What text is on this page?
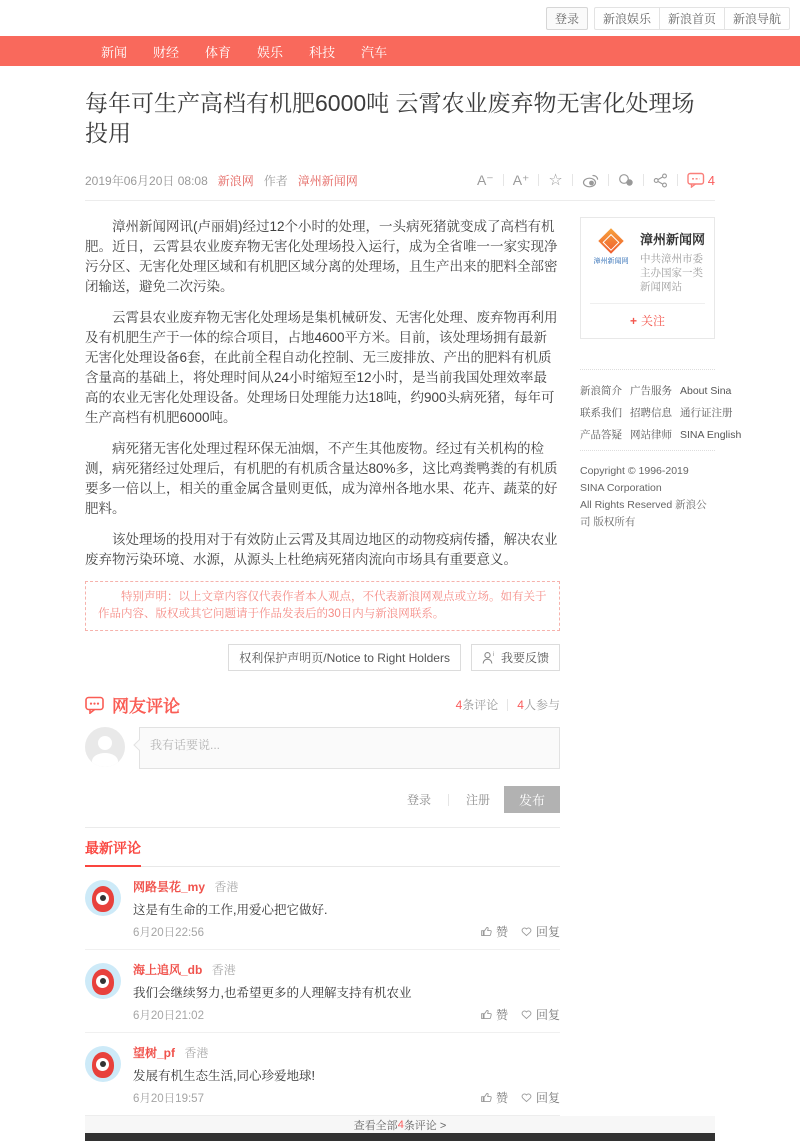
登录	新浪娱乐	新浪首页	新浪导航
新闻	财经	体育	娱乐	科技	汽车
每年可生产高档有机肥6000吨 云霄农业废弃物无害化处理场投用
2019年06月20日 08:08 新浪网 作者 漳州新闻网	A⁻ A⁺ ☆	4

漳州新闻网讯(卢丽娟)经过12个小时的处理，一头病死猪就变成了高档有机肥。近日，云霄县农业废弃物无害化处理场投入运行，成为全省唯一一家实现净污分区、无害化处理区域和有机肥区域分离的处理场，且生产出来的肥料全部密闭输送，避免二次污染。

云霄县农业废弃物无害化处理场是集机械研发、无害化处理、废弃物再利用及有机肥生产于一体的综合项目，占地4600平方米。目前，该处理场拥有最新无害化处理设备6套，在此前全程自动化控制、无三废排放、产出的肥料有机质含量高的基础上，将处理时间从24小时缩短至12小时，是当前我国处理效率最高的农业无害化处理设备。处理场日处理能力达18吨，约900头病死猪，每年可生产高档有机肥6000吨。

病死猪无害化处理过程环保无油烟，不产生其他废物。经过有关机构的检测，病死猪经过处理后，有机肥的有机质含量达80%多，这比鸡粪鸭粪的有机质要多一倍以上，相关的重金属含量则更低，成为漳州各地水果、花卉、蔬菜的好肥料。

该处理场的投用对于有效防止云霄及其周边地区的动物疫病传播，解决农业废弃物污染环境、水源，从源头上杜绝病死猪肉流向市场具有重要意义。

特别声明：以上文章内容仅代表作者本人观点，不代表新浪网观点或立场。如有关于作品内容、版权或其它问题请于作品发表后的30日内与新浪网联系。
权利保护声明页/Notice to Right Holders	i 我要反馈
网友评论	4条评论 4人参与
我有话要说...
登录	注册	发布
最新评论
网路昙花_my 香港
这是有生命的工作,用爱心把它做好.
6月20日22:56	赞 回复
海上追风_db 香港
我们会继续努力,也希望更多的人理解支持有机农业
6月20日21:02	赞 回复
望树_pf 香港
发展有机生态生活,同心珍爱地球!
6月20日19:57	赞 回复
漳州新闻网
漳州新闻网
中共漳州市委主办国家一类新闻网站
+ 关注
新浪简介 广告服务 About Sina
联系我们 招聘信息 通行证注册
产品答疑 网站律师 SINA English
Copyright © 1996-2019 SINA Corporation
All Rights Reserved 新浪公司 版权所有
查看全部 4 条评论 >
